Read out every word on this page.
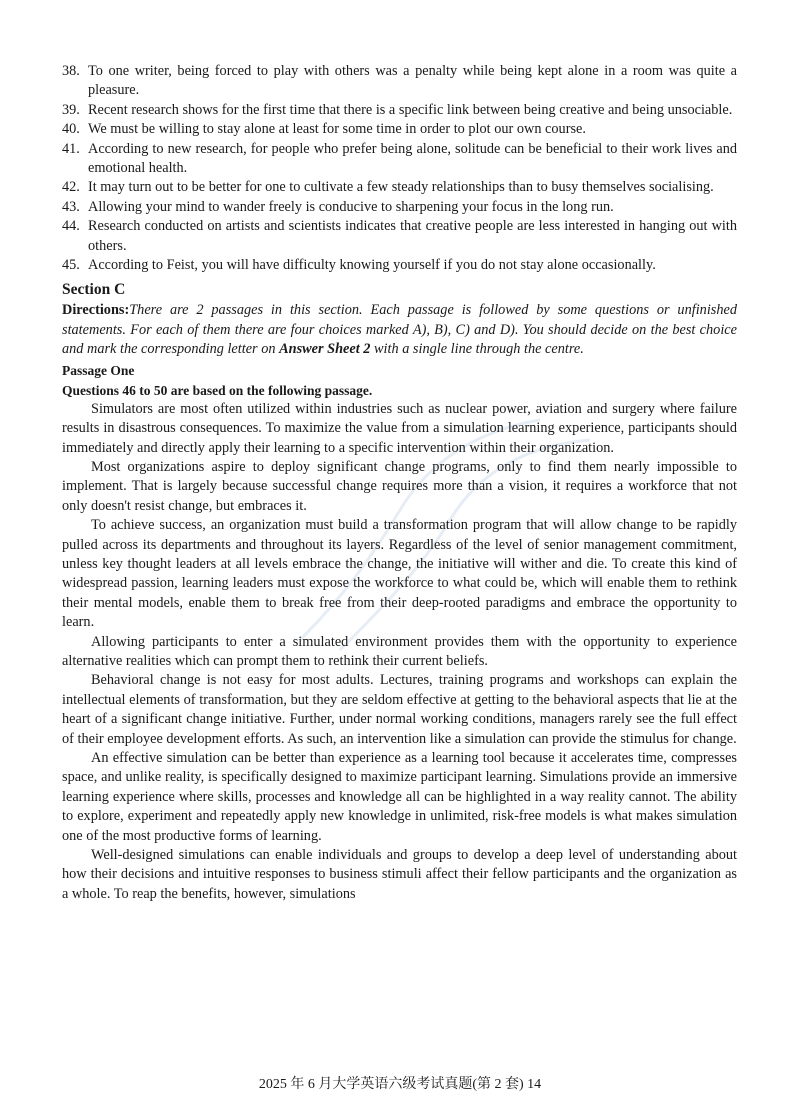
38. To one writer, being forced to play with others was a penalty while being kept alone in a room was quite a pleasure.

39. Recent research shows for the first time that there is a specific link between being creative and being unsociable.

40. We must be willing to stay alone at least for some time in order to plot our own course.

41. According to new research, for people who prefer being alone, solitude can be beneficial to their work lives and emotional health.

42. It may turn out to be better for one to cultivate a few steady relationships than to busy themselves socialising.

43. Allowing your mind to wander freely is conducive to sharpening your focus in the long run.

44. Research conducted on artists and scientists indicates that creative people are less interested in hanging out with others.

45. According to Feist, you will have difficulty knowing yourself if you do not stay alone occasionally.

Section C

Directions:There are 2 passages in this section. Each passage is followed by some questions or unfinished statements. For each of them there are four choices marked A), B), C) and D). You should decide on the best choice and mark the corresponding letter on Answer Sheet 2 with a single line through the centre.

Passage One
Questions 46 to 50 are based on the following passage.

Simulators are most often utilized within industries such as nuclear power, aviation and surgery where failure results in disastrous consequences. To maximize the value from a simulation learning experience, participants should immediately and directly apply their learning to a specific intervention within their organization.

Most organizations aspire to deploy significant change programs, only to find them nearly impossible to implement. That is largely because successful change requires more than a vision, it requires a workforce that not only doesn't resist change, but embraces it.

To achieve success, an organization must build a transformation program that will allow change to be rapidly pulled across its departments and throughout its layers. Regardless of the level of senior management commitment, unless key thought leaders at all levels embrace the change, the initiative will wither and die. To create this kind of widespread passion, learning leaders must expose the workforce to what could be, which will enable them to rethink their mental models, enable them to break free from their deep-rooted paradigms and embrace the opportunity to learn.

Allowing participants to enter a simulated environment provides them with the opportunity to experience alternative realities which can prompt them to rethink their current beliefs.

Behavioral change is not easy for most adults. Lectures, training programs and workshops can explain the intellectual elements of transformation, but they are seldom effective at getting to the behavioral aspects that lie at the heart of a significant change initiative. Further, under normal working conditions, managers rarely see the full effect of their employee development efforts. As such, an intervention like a simulation can provide the stimulus for change.

An effective simulation can be better than experience as a learning tool because it accelerates time, compresses space, and unlike reality, is specifically designed to maximize participant learning. Simulations provide an immersive learning experience where skills, processes and knowledge all can be highlighted in a way reality cannot. The ability to explore, experiment and repeatedly apply new knowledge in unlimited, risk-free models is what makes simulation one of the most productive forms of learning.

Well-designed simulations can enable individuals and groups to develop a deep level of understanding about how their decisions and intuitive responses to business stimuli affect their fellow participants and the organization as a whole. To reap the benefits, however, simulations

2025 年 6 月大学英语六级考试真题(第 2 套) 14
